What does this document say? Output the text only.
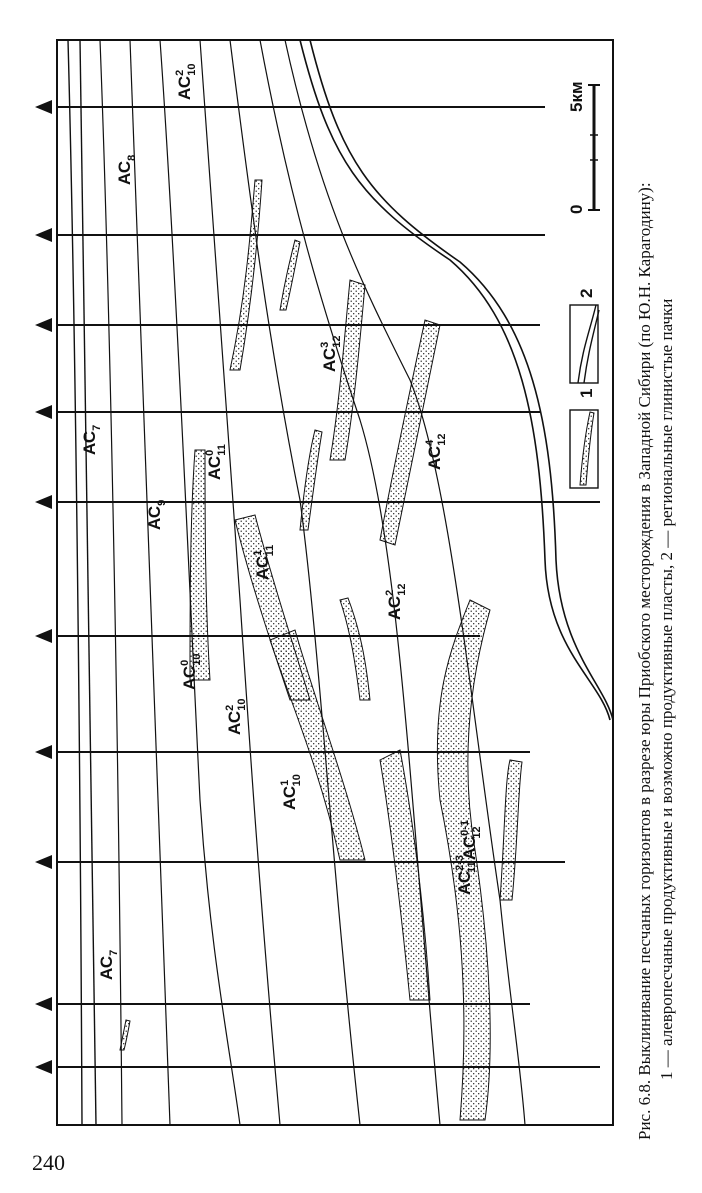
$АС_7$
$АС_7$
$АС_8$
$АС_9$
$АС^210$
$АС^010$
$АС^210$
$АС^110$
$АС^011$
$АС^111$
АС$^{2-3}$11
$АС^312$
$АС^412$
$АС^212$
АС$^{0-1}$12
1
2
0
5км
Рис. 6.8. Выклинивание песчаных горизонтов в разрезе юры Приобского месторождения в Западной Сибири (по Ю.Н. Карагодину): 1 — алевропесчаные продуктивные и возможно продуктивные пласты, 2 — региональные глинистые пачки
240
